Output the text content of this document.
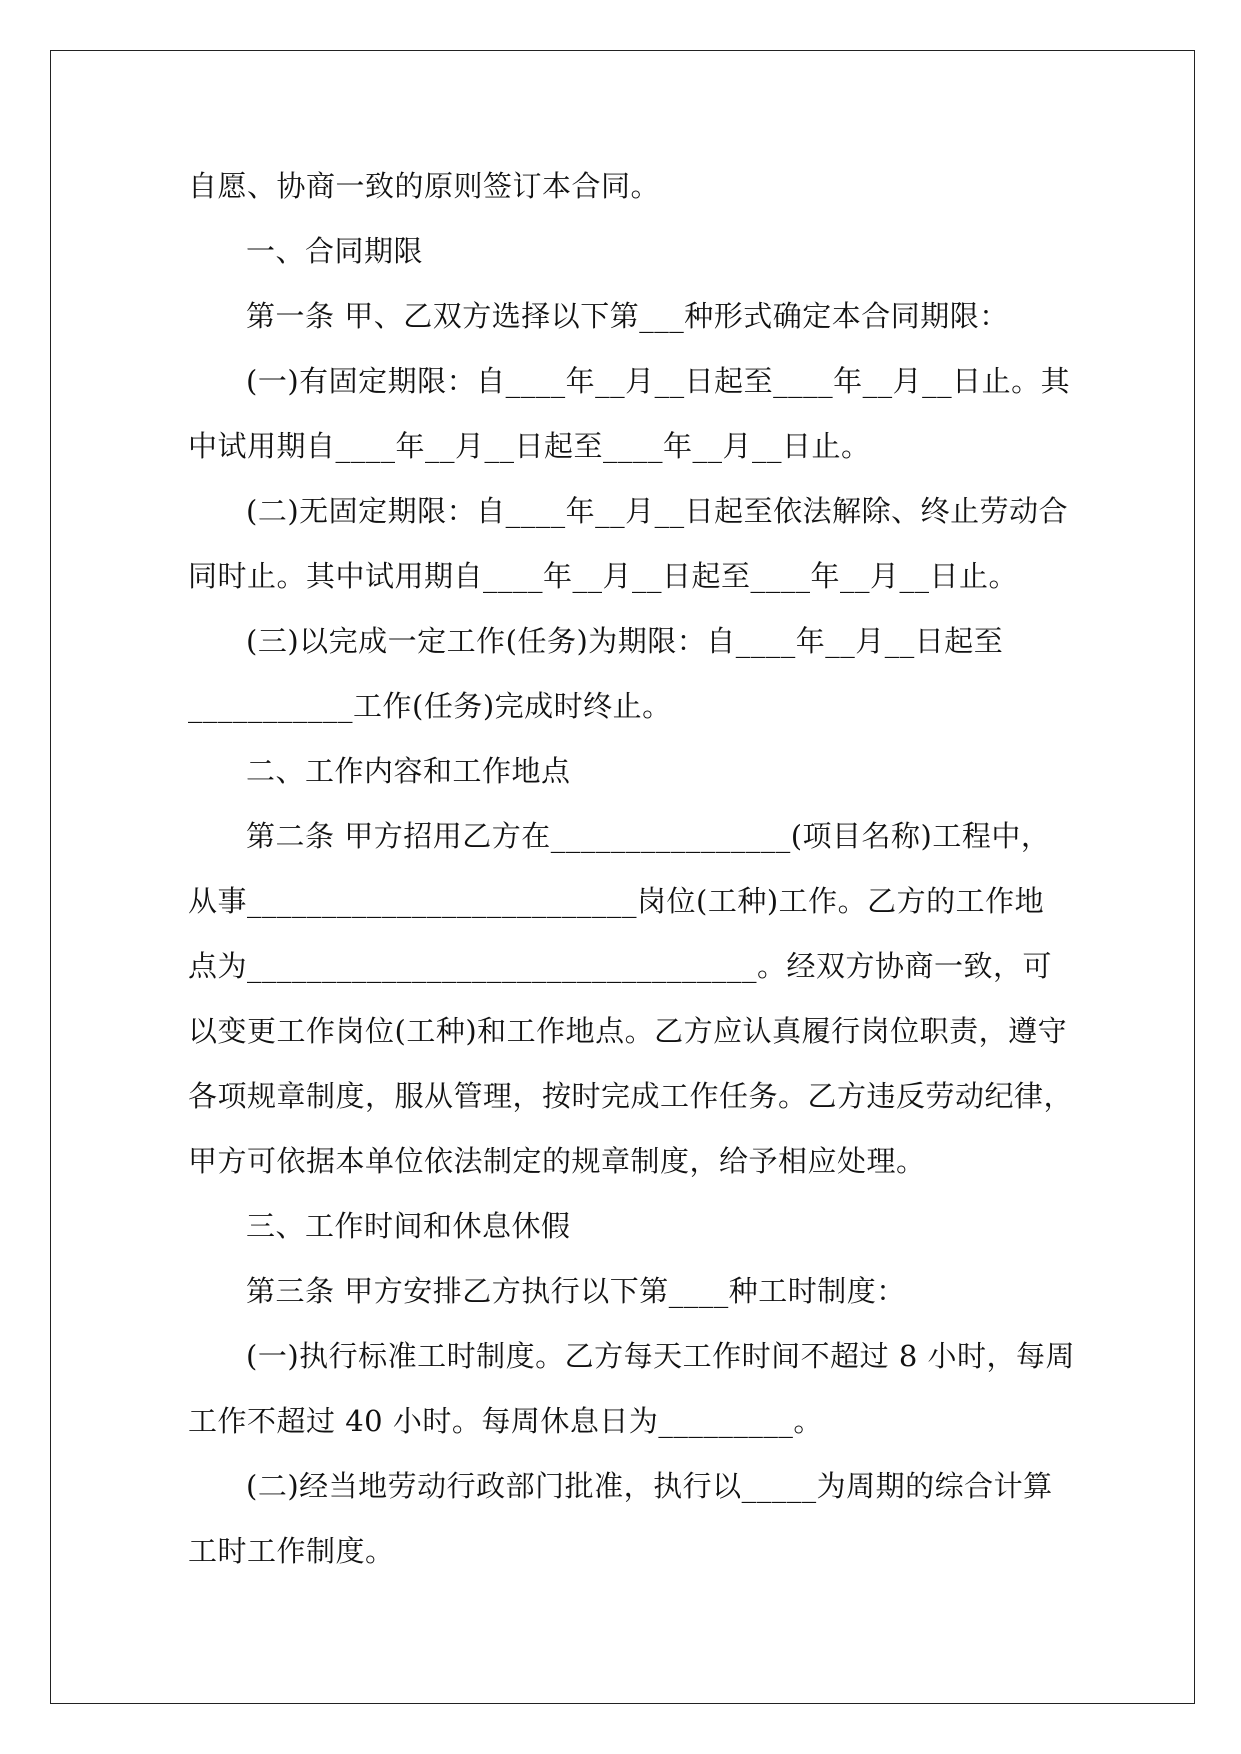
自愿、协商一致的原则签订本合同。
一、合同期限
第一条 甲、乙双方选择以下第___种形式确定本合同期限：
(一)有固定期限：自____年__月__日起至____年__月__日止。其
中试用期自____年__月__日起至____年__月__日止。
(二)无固定期限：自____年__月__日起至依法解除、终止劳动合
同时止。其中试用期自____年__月__日起至____年__月__日止。
(三)以完成一定工作(任务)为期限：自____年__月__日起至
___________工作(任务)完成时终止。
二、工作内容和工作地点
第二条 甲方招用乙方在________________(项目名称)工程中，
从事__________________________岗位(工种)工作。乙方的工作地
点为__________________________________。经双方协商一致，可
以变更工作岗位(工种)和工作地点。乙方应认真履行岗位职责，遵守
各项规章制度，服从管理，按时完成工作任务。乙方违反劳动纪律，
甲方可依据本单位依法制定的规章制度，给予相应处理。
三、工作时间和休息休假
第三条 甲方安排乙方执行以下第____种工时制度：
(一)执行标准工时制度。乙方每天工作时间不超过 8 小时，每周
工作不超过 40 小时。每周休息日为_________。
(二)经当地劳动行政部门批准，执行以_____为周期的综合计算
工时工作制度。
